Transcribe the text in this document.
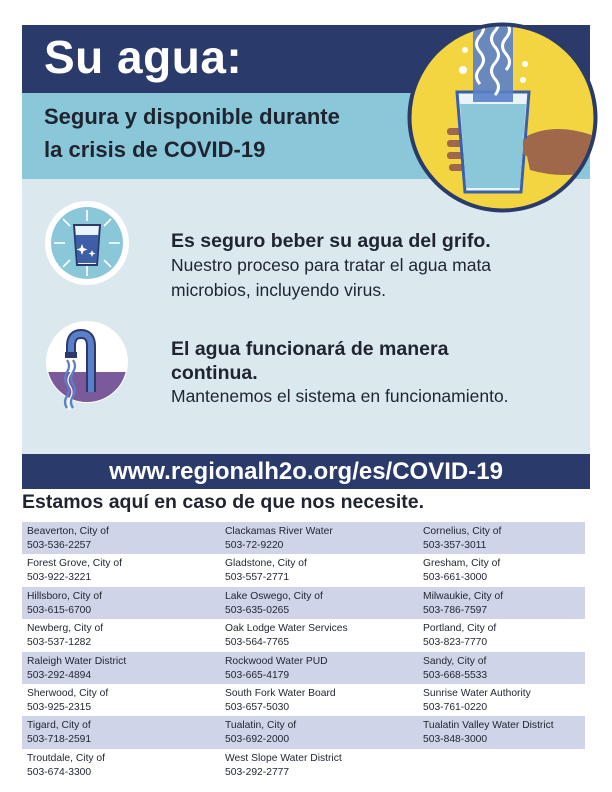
Su agua:
Segura y disponible durante
la crisis de COVID-19
Es seguro beber su agua del grifo.
Nuestro proceso para tratar el agua mata
microbios, incluyendo virus.
El agua funcionará de manera
continua.
Mantenemos el sistema en funcionamiento.
www.regionalh2o.org/es/COVID-19
Estamos aquí en caso de que nos necesite.
Beaverton, City of
503-536-2257
Clackamas River Water
503-72-9220
Cornelius, City of
503-357-3011
Forest Grove, City of
503-922-3221
Gladstone, City of
503-557-2771
Gresham, City of
503-661-3000
Hillsboro, City of
503-615-6700
Lake Oswego, City of
503-635-0265
Milwaukie, City of
503-786-7597
Newberg, City of
503-537-1282
Oak Lodge Water Services
503-564-7765
Portland, City of
503-823-7770
Raleigh Water District
503-292-4894
Rockwood Water PUD
503-665-4179
Sandy, City of
503-668-5533
Sherwood, City of
503-925-2315
South Fork Water Board
503-657-5030
Sunrise Water Authority
503-761-0220
Tigard, City of
503-718-2591
Tualatin, City of
503-692-2000
Tualatin Valley Water District
503-848-3000
Troutdale, City of
503-674-3300
West Slope Water District
503-292-2777
